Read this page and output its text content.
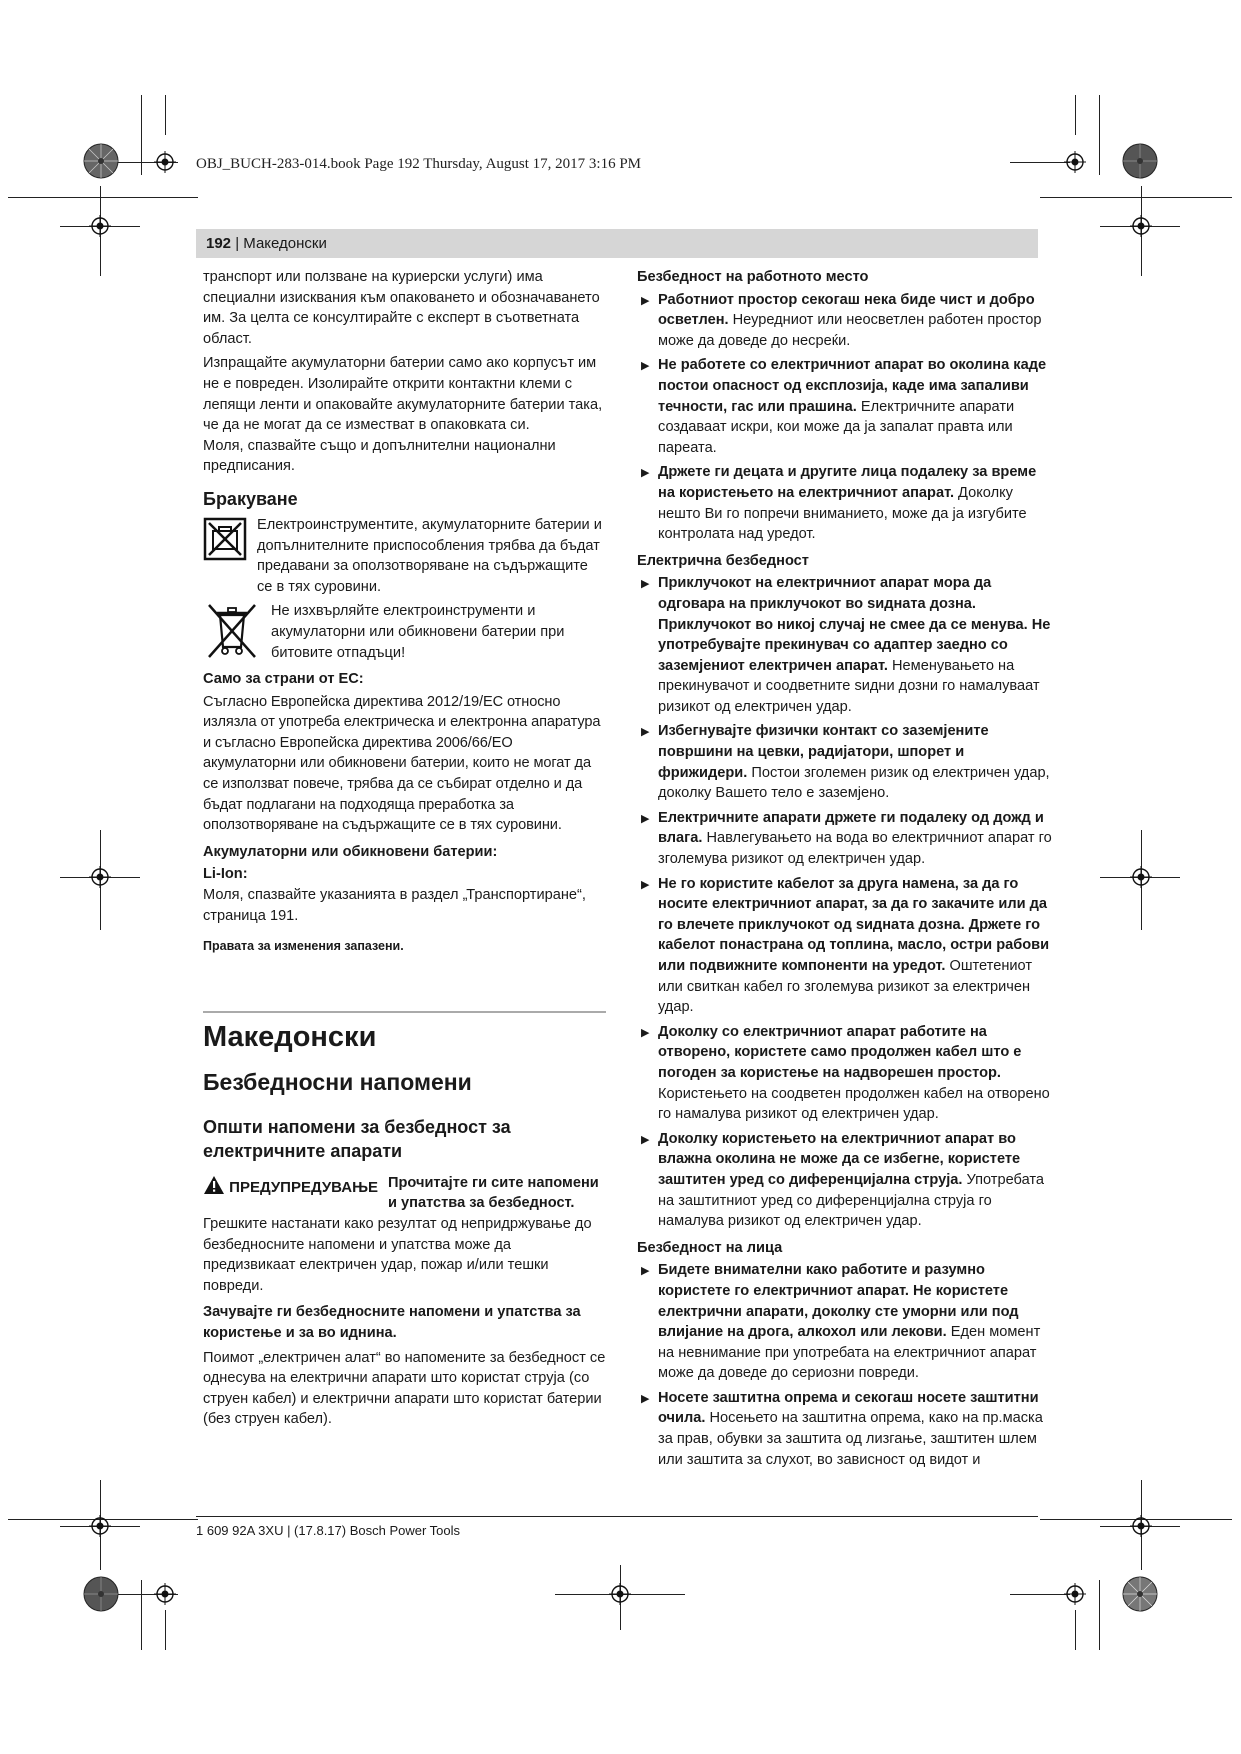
OBJ_BUCH-283-014.book Page 192 Thursday, August 17, 2017 3:16 PM
192 | Македонски

транспорт или ползване на куриерски услуги) има специални изисквания към опаковането и обозначаването им. За целта се консултирайте с експерт в съответната област.

Изпращайте акумулаторни батерии само ако корпусът им не е повреден. Изолирайте открити контактни клеми с лепящи ленти и опаковайте акумулаторните батерии така, че да не могат да се изместват в опаковката си.

Моля, спазвайте също и допълнителни национални предписания.

Бракуване

Електроинструментите, акумулаторните батерии и допълнителните приспособления трябва да бъдат предавани за оползотворяване на съдържащите се в тях суровини.

Не изхвърляйте електроинструменти и акумулаторни или обикновени батерии при битовите отпадъци!

Само за страни от ЕС:

Съгласно Европейска директива 2012/19/ЕС относно излязла от употреба електрическа и електронна апаратура и съгласно Европейска директива 2006/66/EO акумулаторни или обикновени батерии, които не могат да се използват повече, трябва да се събират отделно и да бъдат подлагани на подходяща преработка за оползотворяване на съдържащите се в тях суровини.

Акумулаторни или обикновени батерии:
Li-Ion:

Моля, спазвайте указанията в раздел „Транспортиране“, страница 191.

Правата за изменения запазени.

Македонски
Безбедносни напомени
Општи напомени за безбедност за електричните апарати
ПРЕДУПРЕДУВАЊЕ Прочитајте ги сите напомени и упатства за безбедност. Грешките настанати како резултат од непридржување до безбедносните напомени и упатства може да предизвикаат електричен удар, пожар и/или тешки повреди.

Зачувајте ги безбедносните напомени и упатства за користење и за во иднина.

Поимот „електричен алат“ во напомените за безбедност се однесува на електрични апарати што користат струја (со струен кабел) и електрични апарати што користат батерии (без струен кабел).

Безбедност на работното место

▶ Работниот простор секогаш нека биде чист и добро осветлен. Неуредниот или неосветлен работен простор може да доведе до несреќи.

▶ Не работете со електричниот апарат во околина каде постои опасност од експлозија, каде има запаливи течности, гас или прашина. Електричните апарати создаваат искри, кои може да ја запалат правта или пареата.

▶ Држете ги децата и другите лица подалеку за време на користењето на електричниот апарат. Доколку нешто Ви го попречи вниманието, може да ја изгубите контролата над уредот.

Електрична безбедност

▶ Приклучокот на електричниот апарат мора да одговара на приклучокот во ѕидната дозна. Приклучокот во никој случај не смее да се менува. Не употребувајте прекинувач со адаптер заедно со заземјениот електричен апарат. Неменувањето на прекинувачот и соодветните ѕидни дозни го намалуваат ризикот од електричен удар.

▶ Избегнувајте физички контакт со заземјените површини на цевки, радијатори, шпорет и фрижидери. Постои зголемен ризик од електричен удар, доколку Вашето тело е заземјено.

▶ Електричните апарати држете ги подалеку од дожд и влага. Навлегувањето на вода во електричниот апарат го зголемува ризикот од електричен удар.

▶ Не го користите кабелот за друга намена, за да го носите електричниот апарат, за да го закачите или да го влечете приклучокот од ѕидната дозна. Држете го кабелот понастрана од топлина, масло, остри рабови или подвижните компоненти на уредот. Оштетениот или свиткан кабел го зголемува ризикот за електричен удар.

▶ Доколку со електричниот апарат работите на отворено, користете само продолжен кабел што е погоден за користење на надворешен простор. Користењето на соодветен продолжен кабел на отворено го намалува ризикот од електричен удар.

▶ Доколку користењето на електричниот апарат во влажна околина не може да се избегне, користете заштитен уред со диференцијална струја. Употребата на заштитниот уред со диференцијална струја го намалува ризикот од електричен удар.

Безбедност на лица

▶ Бидете внимателни како работите и разумно користете го електричниот апарат. Не користете електрични апарати, доколку сте уморни или под влијание на дрога, алкохол или лекови. Еден момент на невнимание при употребата на електричниот апарат може да доведе до сериозни повреди.

▶ Носете заштитна опрема и секогаш носете заштитни очила. Носењето на заштитна опрема, како на пр.маска за прав, обувки за заштита од лизгање, заштитен шлем или заштита за слухот, во зависност од видот и

1 609 92A 3XU | (17.8.17) Bosch Power Tools
